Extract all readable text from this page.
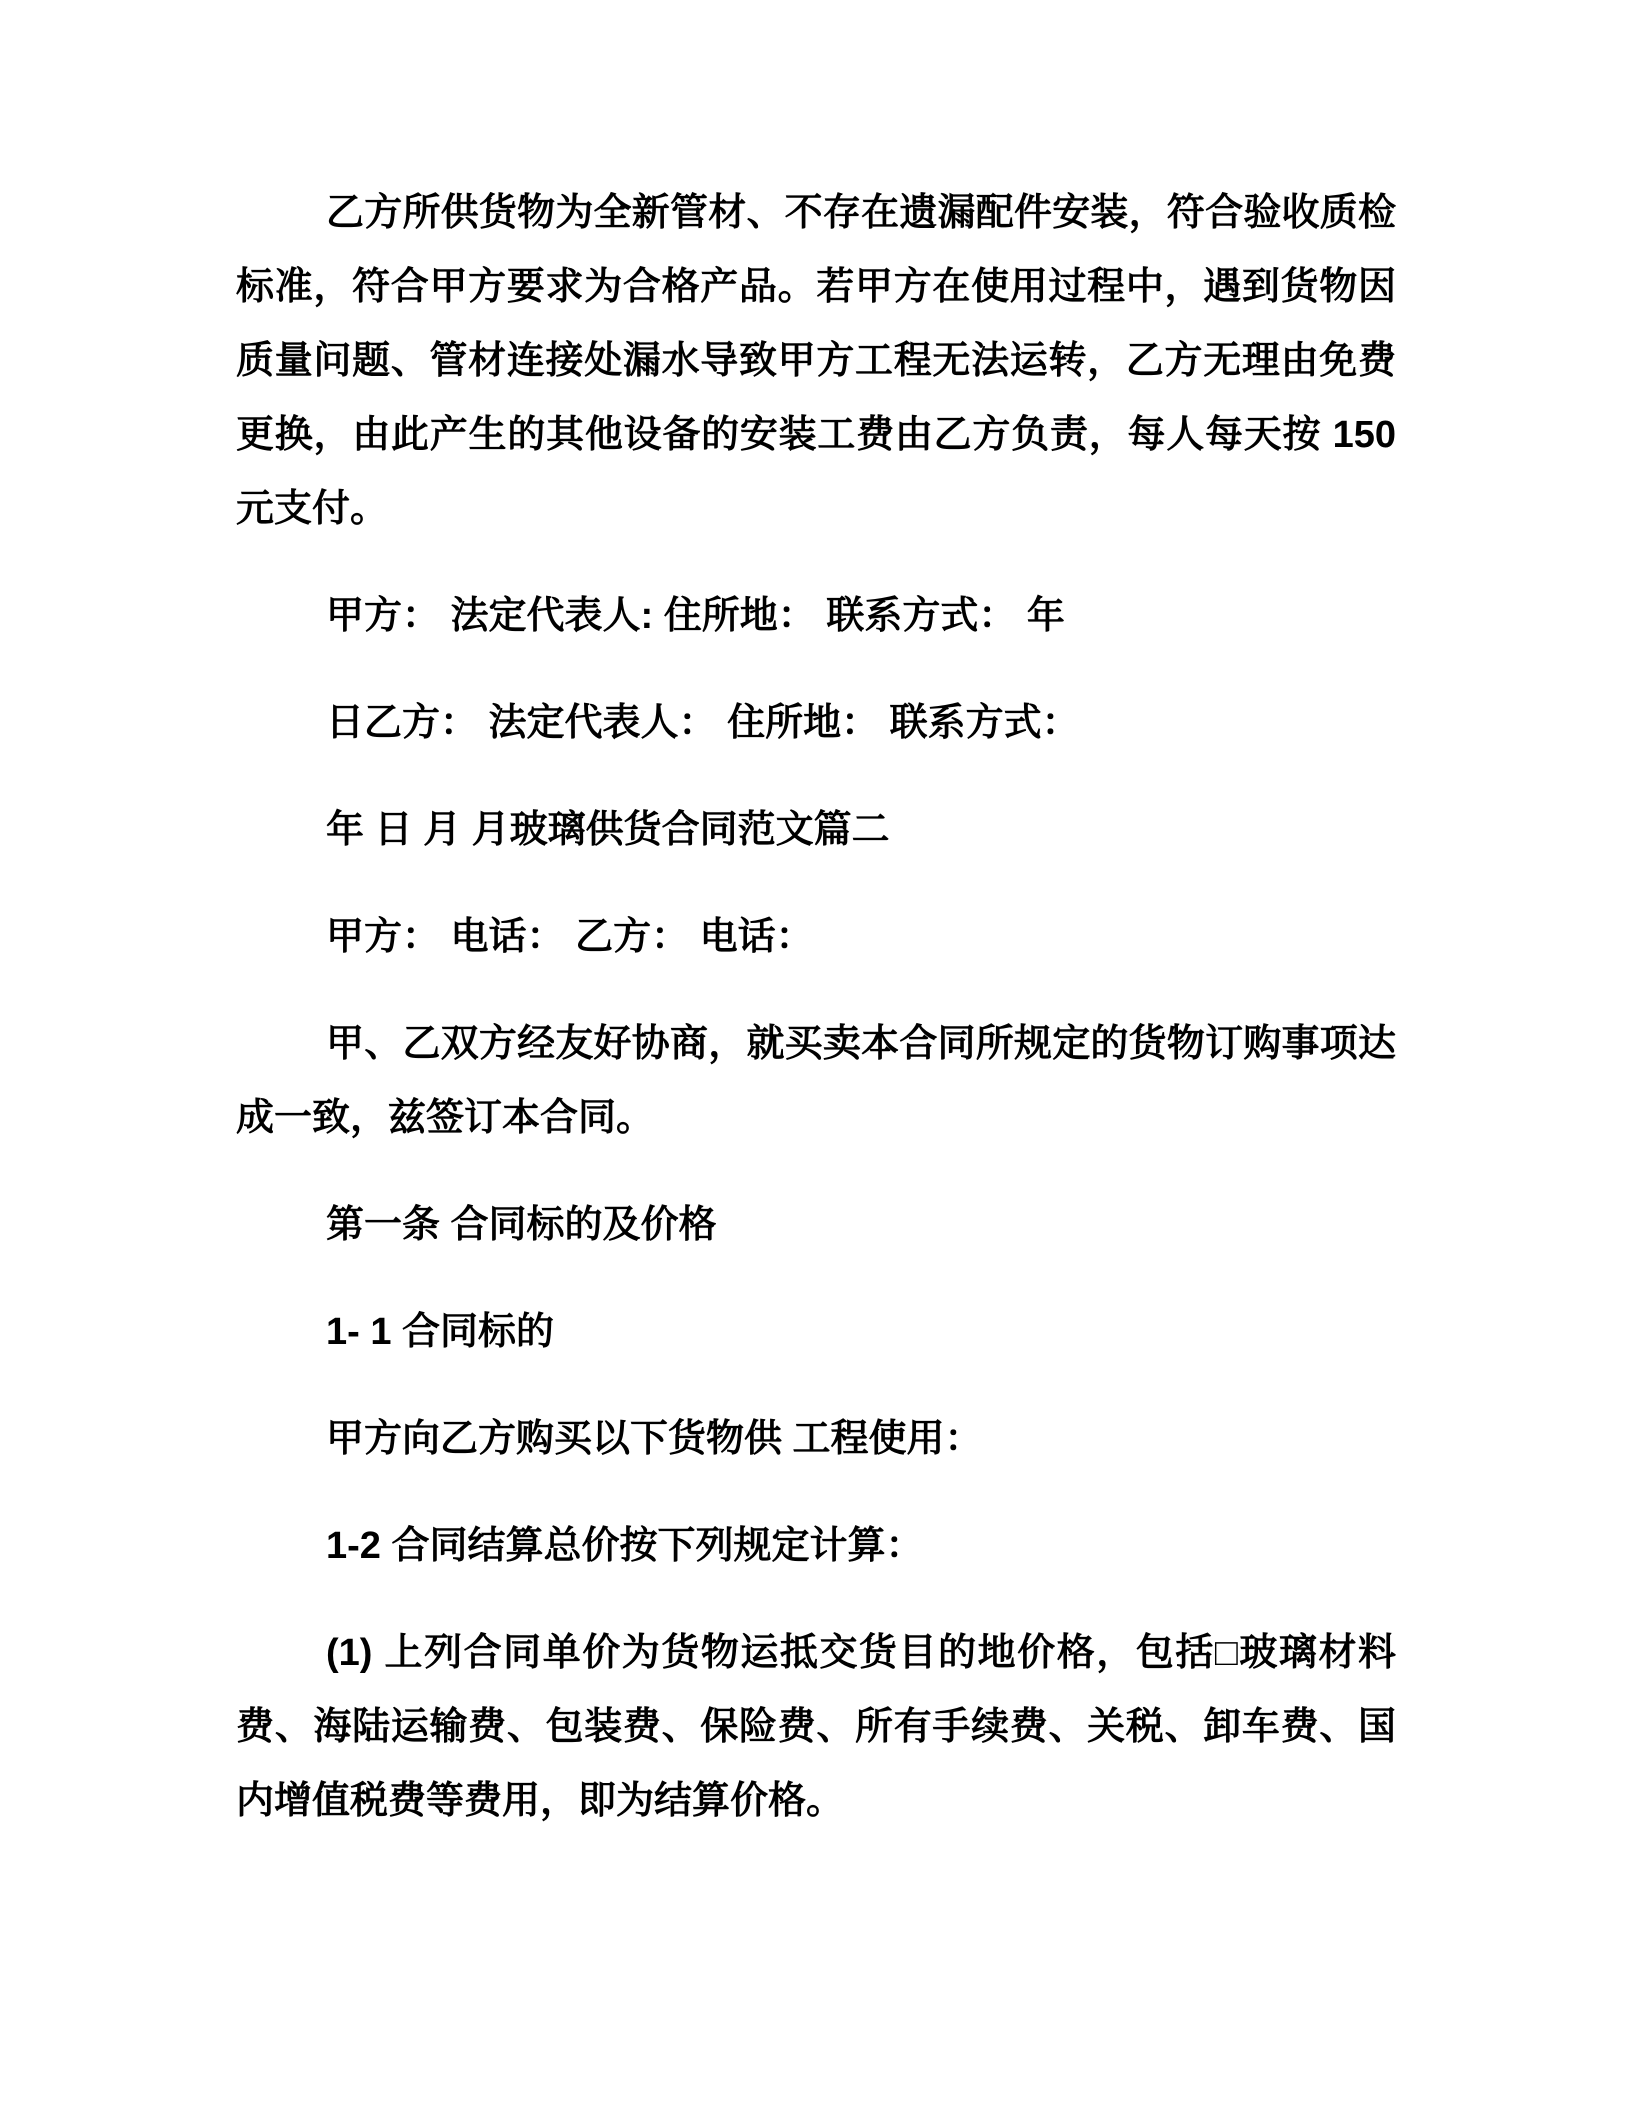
乙方所供货物为全新管材、不存在遗漏配件安装，符合验收质检
标准，符合甲方要求为合格产品。若甲方在使用过程中，遇到货物因
质量问题、管材连接处漏水导致甲方工程无法运转，乙方无理由免费
更换，由此产生的其他设备的安装工费由乙方负责，每人每天按 150
元支付。
甲方： 法定代表人: 住所地： 联系方式： 年
日乙方： 法定代表人： 住所地： 联系方式：
年 日 月 月玻璃供货合同范文篇二
甲方： 电话： 乙方： 电话：
甲、乙双方经友好协商，就买卖本合同所规定的货物订购事项达
成一致，兹签订本合同。
第一条 合同标的及价格
1- 1 合同标的
甲方向乙方购买以下货物供 工程使用：
1-2 合同结算总价按下列规定计算：
(1) 上列合同单价为货物运抵交货目的地价格，包括□玻璃材料
费、海陆运输费、包装费、保险费、所有手续费、关税、卸车费、国
内增值税费等费用，即为结算价格。
